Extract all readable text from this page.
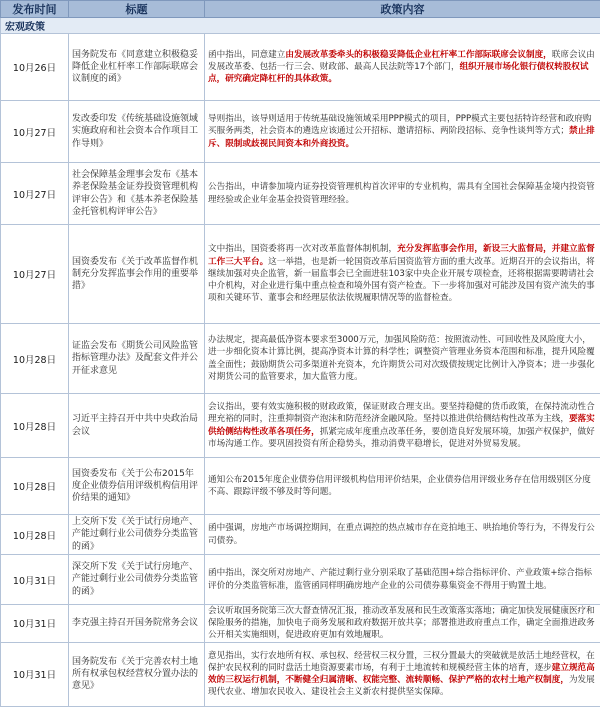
发布时间	标题	政策内容
宏观政策		
10月26日	国务院发布《同意建立积极稳妥降低企业杠杆率工作部际联席会议制度的函》	函中指出，同意建立由发展改革委牵头的积极稳妥降低企业杠杆率工作部际联席会议制度，联席会议由发展改革委、包括一行三会、财政部、最高人民法院等17个部门，组织开展市场化银行债权转股权试点，研究确定降杠杆的具体政策。
10月27日	发改委印发《传统基础设施领域实施政府和社会资本合作项目工作导则》	导则指出，该导则适用于传统基础设施领域采用PPP模式的项目，PPP模式主要包括特许经营和政府购买服务两类，社会资本的遴选应该通过公开招标、邀请招标、两阶段招标、竞争性谈判等方式；禁止排斥、限制或歧视民间资本和外商投资。
10月27日	社会保障基金理事会发布《基本养老保险基金证券投资管理机构评审公告》和《基本养老保险基金托管机构评审公告》	公告指出，申请参加境内证券投资管理机构首次评审的专业机构，需具有全国社会保障基金境内投资管理经验或企业年金基金投资管理经验。
10月27日	国资委发布《关于改革监督作机制充分发挥监事会作用的重要举措》	文中指出，国资委将再一次对改革监督体制机制，充分发挥监事会作用，新设三大监督局，并建立监督工作三大平台。这一举措，也是新一轮国资改革后国资监管方面的重大改革。近期召开的会议指出，将继续加强对央企监管，新一届监事会已全面进驻103家中央企业开展专项检查，还将根据需要聘请社会中介机构，对企业进行集中重点检查和境外国有资产检查。下一步将加强对可能涉及国有资产流失的事项和关键环节、董事会和经理层依法依规履职情况等的监督检查。
10月28日	证监会发布《期货公司风险监管指标管理办法》及配套文件并公开征求意见	办法规定，提高最低净资本要求至3000万元，加强风险防范：按照流动性、可回收性及风险度大小，进一步细化资本计算比例，提高净资本计算的科学性；调整资产管理业务资本范围和标准，提升风险覆盖全面性；鼓励期货公司多渠道补充资本，允许期货公司对次级债按规定比例计入净资本；进一步强化对期货公司的监管要求，加大监管力度。
10月28日	习近平主持召开中共中央政治局会议	会议指出，要有效实施积极的财政政策，保证财政合理支出。要坚持稳健的货币政策，在保持流动性合理充裕的同时，注重抑制资产泡沫和防范经济金融风险。坚持以推进供给侧结构性改革为主线，要落实供给侧结构性改革各项任务，抓紧完成年度重点改革任务，要创造良好发展环境，加强产权保护，做好市场沟通工作。要巩固投资有所企稳势头，推动消费平稳增长，促进对外贸易发展。
10月28日	国资委发布《关于公布2015年度企业债券信用评级机构信用评价结果的通知》	通知公布2015年度企业债券信用评级机构信用评价结果，企业债券信用评级业务存在信用级别区分度不高、跟踪评级不够及时等问题。
10月28日	上交所下发《关于试行房地产、产能过剩行业公司债券分类监管的函》	函中强调，房地产市场调控期间，在重点调控的热点城市存在竞拍地王、哄抬地价等行为，不得发行公司债券。
10月31日	深交所下发《关于试行房地产、产能过剩行业公司债券分类监管的函》	函中指出，深交所对房地产、产能过剩行业分别采取了基础范围+综合指标评价、产业政策+综合指标评价的分类监管标准，监管函同样明确房地产企业的公司债券募集资金不得用于购置土地。
10月31日	李克强主持召开国务院常务会议	会议听取国务院第三次大督查情况汇报，推动改革发展和民生改策落实落地；确定加快发展健康医疗和保险服务的措施，加快电子商务发展和政府数据开放共享；部署推进政府重点工作，确定全面推进政务公开相关实施细则，促进政府更加有效地履职。
10月31日	国务院发布《关于完善农村土地所有权承包权经营权分置办法的意见》	意见指出，实行农地所有权、承包权、经营权三权分置，三权分置最大的突破就是放活土地经营权，在保护农民权利的同时盘活土地资源要素市场，有利于土地流转和规模经营主体的培育，逐步建立规范高效的三权运行机制，不断健全归属清晰、权能完整、流转顺畅、保护严格的农村土地产权制度，为发展现代农业、增加农民收入、建设社会主义新农村提供坚实保障。
